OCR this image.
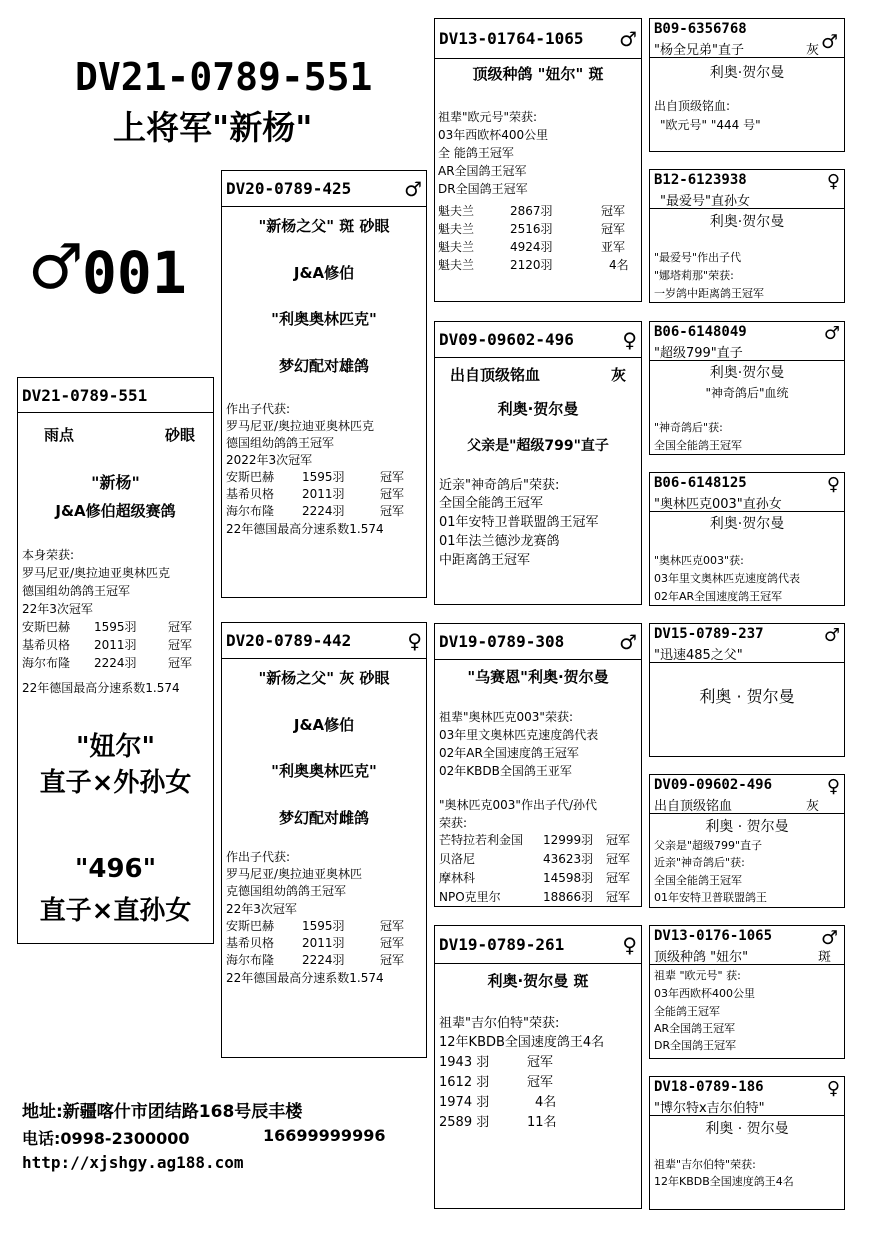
DV21-0789-551
上将军"新杨"
♂
001
DV21-0789-551
雨点	砂眼
"新杨"
J&A修伯超级赛鸽
本身荣获:
罗马尼亚/奥拉迪亚奥林匹克
德国组幼鸽鸽王冠军
22年3次冠军
安斯巴赫 1595羽	冠军
基希贝格 2011羽	冠军
海尔布隆 2224羽	冠军
22年德国最高分速系数1.574
"妞尔"
直子×外孙女
"496"
直子×直孙女
DV20-0789-425	♂
"新杨之父" 斑 砂眼
J&A修伯
"利奥奥林匹克"
梦幻配对雄鸽
作出子代获:
罗马尼亚/奥拉迪亚奥林匹克
德国组幼鸽鸽王冠军
2022年3次冠军
安斯巴赫 1595羽	冠军
基希贝格 2011羽	冠军
海尔布隆 2224羽	冠军
22年德国最高分速系数1.574
DV20-0789-442	♀
"新杨之父" 灰 砂眼
J&A修伯
"利奥奥林匹克"
梦幻配对雌鸽
作出子代获:
罗马尼亚/奥拉迪亚奥林匹
克德国组幼鸽鸽王冠军
22年3次冠军
安斯巴赫 1595羽	冠军
基希贝格 2011羽	冠军
海尔布隆 2224羽	冠军
22年德国最高分速系数1.574
DV13-01764-1065 ♂
顶级种鸽 "妞尔" 斑
祖辈"欧元号"荣获:
03年西欧杯400公里
全 能鸽王冠军
AR全国鸽王冠军
DR全国鸽王冠军
魁夫兰	2867羽	冠军
魁夫兰	2516羽	冠军
魁夫兰	4924羽	亚军
魁夫兰	2120羽	4名
DV09-09602-496 ♀
出自顶级铭血	灰
利奥·贺尔曼
父亲是"超级799"直子
近亲"神奇鸽后"荣获:
全国全能鸽王冠军
01年安特卫普联盟鸽王冠军
01年法兰德沙龙赛鸽
中距离鸽王冠军
DV19-0789-308	♂
"乌赛恩"利奥·贺尔曼
祖辈"奥林匹克003"荣获:
03年里文奥林匹克速度鸽代表
02年AR全国速度鸽王冠军
02年KBDB全国鸽王亚军
"奥林匹克003"作出子代/孙代
荣获:
芒特拉若利金国 12999羽 冠军
贝洛尼	43623羽 冠军
摩林科	14598羽 冠军
NPO克里尔	18866羽 冠军
DV19-0789-261	♀
利奥·贺尔曼 斑
祖辈"吉尔伯特"荣获:
12年KBDB全国速度鸽王4名
1943 羽	冠军
1612 羽	冠军
1974 羽	4名
2589 羽	11名
B09-6356768
"杨全兄弟"直子	灰 ♂
利奥·贺尔曼
出自顶级铭血:
"欧元号" "444 号"
B12-6123938	♀
"最爱号"直孙女
利奥·贺尔曼
"最爱号"作出子代
"娜塔莉那"荣获:
一岁鸽中距离鸽王冠军
B06-6148049	♂
"超级799"直子
利奥·贺尔曼
"神奇鸽后"血统
"神奇鸽后"获:
全国全能鸽王冠军
B06-6148125	♀
"奥林匹克003"直孙女
利奥·贺尔曼
"奥林匹克003"获:
03年里文奥林匹克速度鸽代表
02年AR全国速度鸽王冠军
DV15-0789-237	♂
"迅速485之父"
利奥 · 贺尔曼
DV09-09602-496	♀
出自顶级铭血	灰
利奥 · 贺尔曼
父亲是"超级799"直子
近亲"神奇鸽后"获:
全国全能鸽王冠军
01年安特卫普联盟鸽王
DV13-0176-1065	♂
顶级种鸽 "妞尔"	斑
祖辈 "欧元号" 获:
03年西欧杯400公里
全能鸽王冠军
AR全国鸽王冠军
DR全国鸽王冠军
DV18-0789-186	♀
"博尔特x吉尔伯特"
利奥 · 贺尔曼
祖辈"吉尔伯特"荣获:
12年KBDB全国速度鸽王4名
地址:新疆喀什市团结路168号辰丰楼
电话:0998-2300000	16699999996
http://xjshgy.ag188.com
